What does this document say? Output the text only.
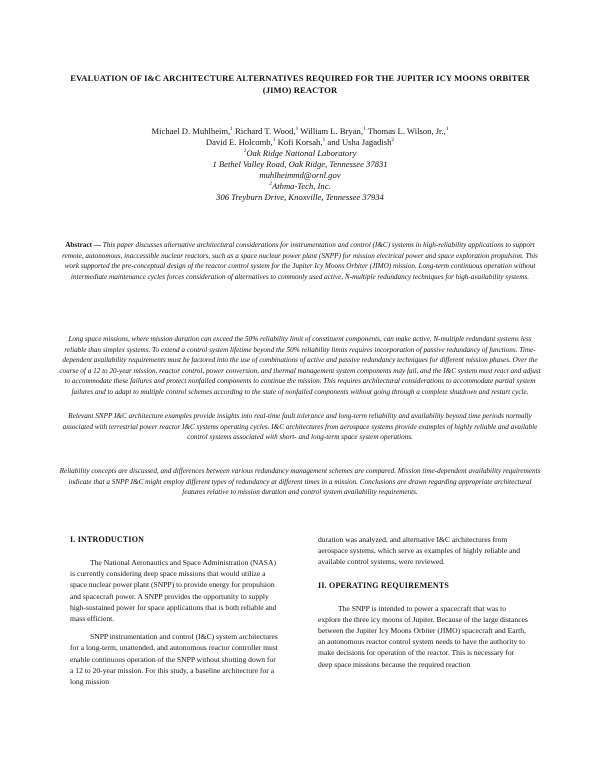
EVALUATION OF I&C ARCHITECTURE ALTERNATIVES REQUIRED FOR THE JUPITER ICY MOONS ORBITER (JIMO) REACTOR
Michael D. Muhlheim,$^1$ Richard T. Wood,$^1$ William L. Bryan,$^1$ Thomas L. Wilson, Jr.,$^1$
David E. Holcomb,$^1$ Kofi Korsah,$^1$ and Usha Jagadish$^2$
$^1$Oak Ridge National Laboratory
1 Bethel Valley Road, Oak Ridge, Tennessee 37831
muhlheimmd@ornl.gov
$^2$Athma-Tech, Inc.
306 Treyburn Drive, Knoxville, Tennessee 37934
Abstract — This paper discusses alternative architectural considerations for instrumentation and control (I&C) systems in high-reliability applications to support remote, autonomous, inaccessible nuclear reactors, such as a space nuclear power plant (SNPP) for mission electrical power and space exploration propulsion. This work supported the pre-conceptual design of the reactor control system for the Jupiter Icy Moons Orbiter (JIMO) mission. Long-term continuous operation without intermediate maintenance cycles forces consideration of alternatives to commonly used active, N-multiple redundancy techniques for high-availability systems.
Long space missions, where mission duration can exceed the 50% reliability limit of constituent components, can make active, N-multiple redundant systems less reliable than simplex systems. To extend a control system lifetime beyond the 50% reliability limits requires incorporation of passive redundancy of functions. Time-dependent availability requirements must be factored into the use of combinations of active and passive redundancy techniques for different mission phases. Over the course of a 12 to 20-year mission, reactor control, power conversion, and thermal management system components may fail, and the I&C system must react and adjust to accommodate these failures and protect nonfailed components to continue the mission. This requires architectural considerations to accommodate partial system failures and to adapt to multiple control schemes according to the state of nonfailed components without going through a complete shutdown and restart cycle.
Relevant SNPP I&C architecture examples provide insights into real-time fault tolerance and long-term reliability and availability beyond time periods normally associated with terrestrial power reactor I&C systems operating cycles. I&C architectures from aerospace systems provide examples of highly reliable and available control systems associated with short- and long-term space system operations.
Reliability concepts are discussed, and differences between various redundancy management schemes are compared. Mission time-dependent availability requirements indicate that a SNPP I&C might employ different types of redundancy at different times in a mission. Conclusions are drawn regarding appropriate architectural features relative to mission duration and control system availability requirements.
I. INTRODUCTION

The National Aeronautics and Space Administration (NASA) is currently considering deep space missions that would utilize a space nuclear power plant (SNPP) to provide energy for propulsion and spacecraft power. A SNPP provides the opportunity to supply high-sustained power for space applications that is both reliable and mass efficient.

SNPP instrumentation and control (I&C) system architectures for a long-term, unattended, and autonomous reactor controller must enable continuous operation of the SNPP without shutting down for a 12 to 20-year mission. For this study, a baseline architecture for a long mission

duration was analyzed, and alternative I&C architectures from aerospace systems, which serve as examples of highly reliable and available control systems, were reviewed.

II. OPERATING REQUIREMENTS

The SNPP is intended to power a spacecraft that was to explore the three icy moons of Jupiter. Because of the large distances between the Jupiter Icy Moons Orbiter (JIMO) spacecraft and Earth, an autonomous reactor control system needs to have the authority to make decisions for operation of the reactor. This is necessary for deep space missions because the required reaction
